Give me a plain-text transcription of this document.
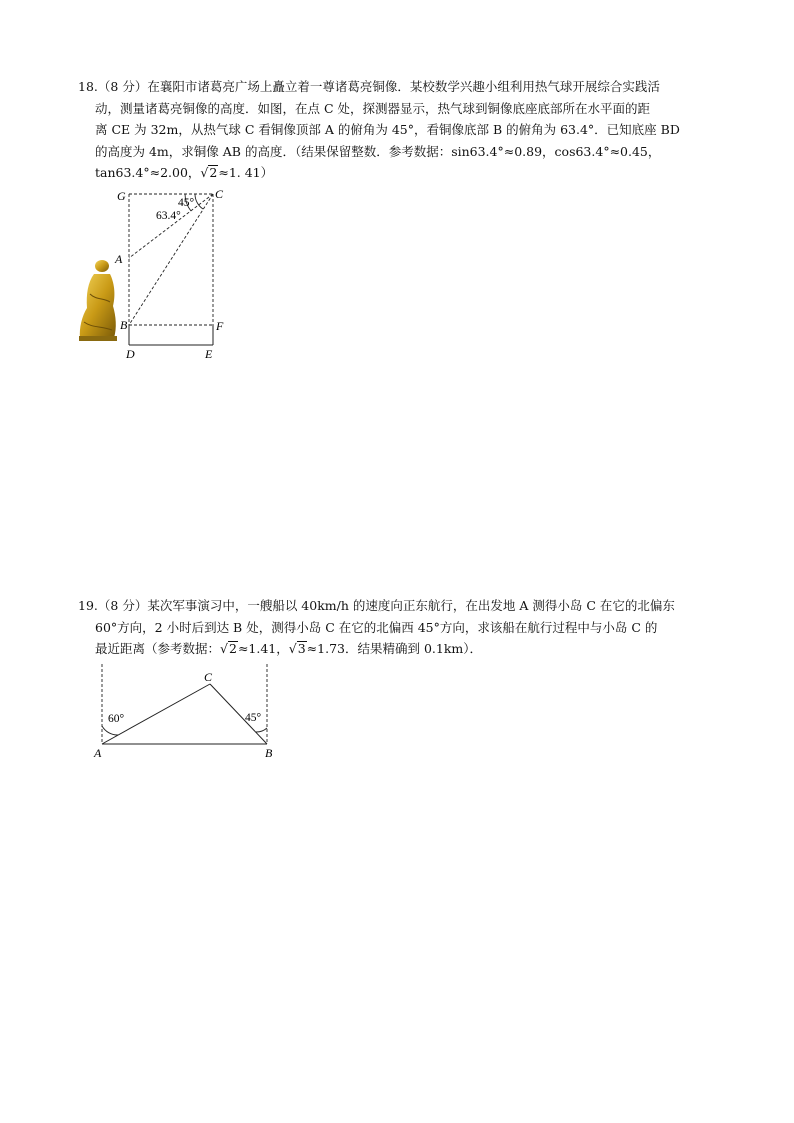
18.（8 分）在襄阳市诸葛亮广场上矗立着一尊诸葛亮铜像．某校数学兴趣小组利用热气球开展综合实践活

动，测量诸葛亮铜像的高度．如图，在点 C 处，探测器显示，热气球到铜像底座底部所在水平面的距

离 CE 为 32m，从热气球 C 看铜像顶部 A 的俯角为 45°，看铜像底部 B 的俯角为 63.4°．已知底座 BD

的高度为 4m，求铜像 AB 的高度．（结果保留整数．参考数据：sin63.4°≈0.89，cos63.4°≈0.45，

tan63.4°≈2.00，√2≈1. 41）

G	C
45°
63.4°
A
B	F
D	E

19.（8 分）某次军事演习中，一艘船以 40km/h 的速度向正东航行，在出发地 A 测得小岛 C 在它的北偏东

60°方向，2 小时后到达 B 处，测得小岛 C 在它的北偏西 45°方向，求该船在航行过程中与小岛 C 的

最近距离（参考数据：√2≈1.41，√3≈1.73．结果精确到 0.1km）．

A	B
C
60°	45°
